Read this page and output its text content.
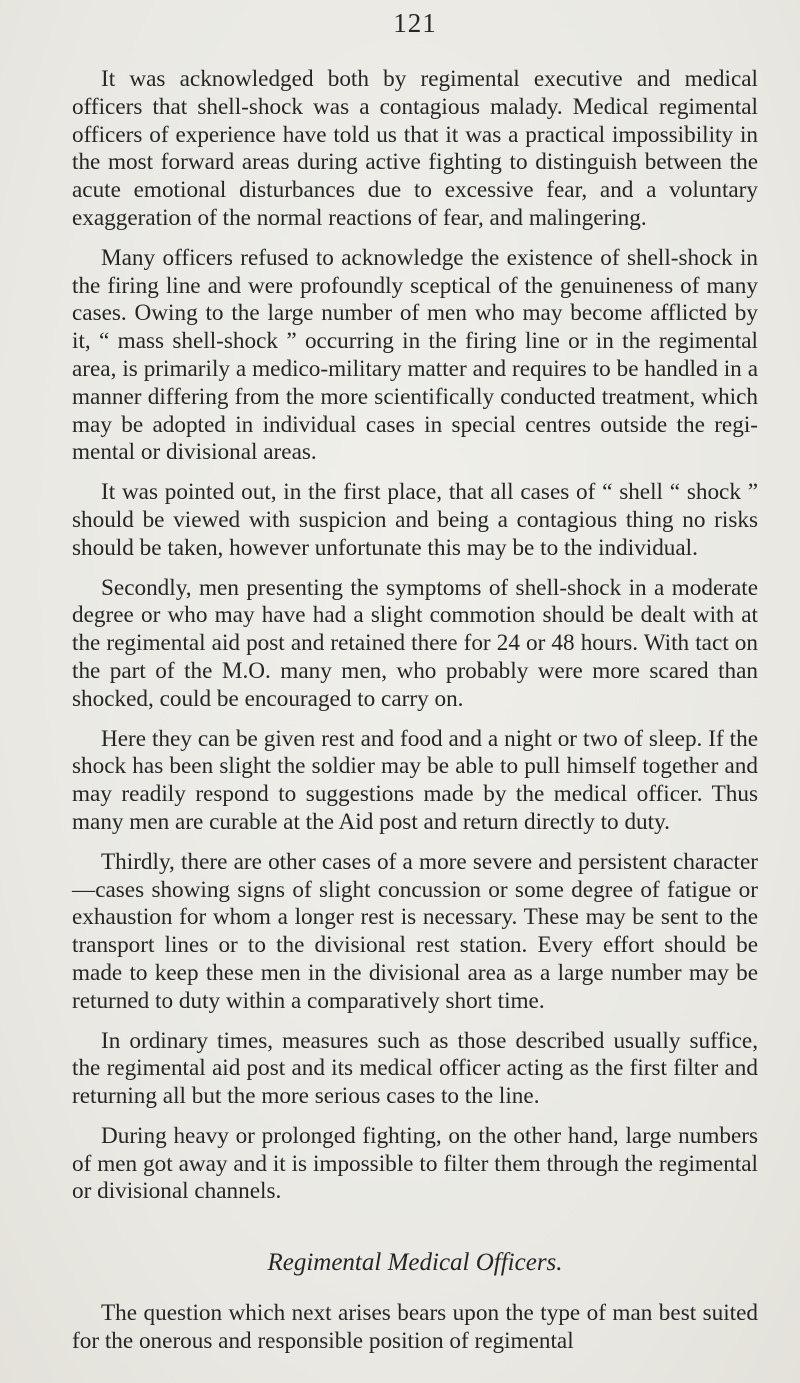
121

It was acknowledged both by regimental executive and medical officers that shell-shock was a contagious malady. Medical regimental officers of experience have told us that it was a practical impossibility in the most forward areas during active fighting to distinguish between the acute emotional disturbances due to excessive fear, and a voluntary exaggeration of the normal reactions of fear, and malingering.

Many officers refused to acknowledge the existence of shell-shock in the firing line and were profoundly sceptical of the genuineness of many cases. Owing to the large number of men who may become afflicted by it, “ mass shell-shock ” occurring in the firing line or in the regimental area, is primarily a medico-military matter and requires to be handled in a manner differing from the more scientifically conducted treatment, which may be adopted in individual cases in special centres outside the regimental or divisional areas.

It was pointed out, in the first place, that all cases of “ shell “ shock ” should be viewed with suspicion and being a contagious thing no risks should be taken, however unfortunate this may be to the individual.

Secondly, men presenting the symptoms of shell-shock in a moderate degree or who may have had a slight commotion should be dealt with at the regimental aid post and retained there for 24 or 48 hours. With tact on the part of the M.O. many men, who probably were more scared than shocked, could be encouraged to carry on.

Here they can be given rest and food and a night or two of sleep. If the shock has been slight the soldier may be able to pull himself together and may readily respond to suggestions made by the medical officer. Thus many men are curable at the Aid post and return directly to duty.

Thirdly, there are other cases of a more severe and persistent character—cases showing signs of slight concussion or some degree of fatigue or exhaustion for whom a longer rest is necessary. These may be sent to the transport lines or to the divisional rest station. Every effort should be made to keep these men in the divisional area as a large number may be returned to duty within a comparatively short time.

In ordinary times, measures such as those described usually suffice, the regimental aid post and its medical officer acting as the first filter and returning all but the more serious cases to the line.

During heavy or prolonged fighting, on the other hand, large numbers of men got away and it is impossible to filter them through the regimental or divisional channels.

Regimental Medical Officers.

The question which next arises bears upon the type of man best suited for the onerous and responsible position of regimental
